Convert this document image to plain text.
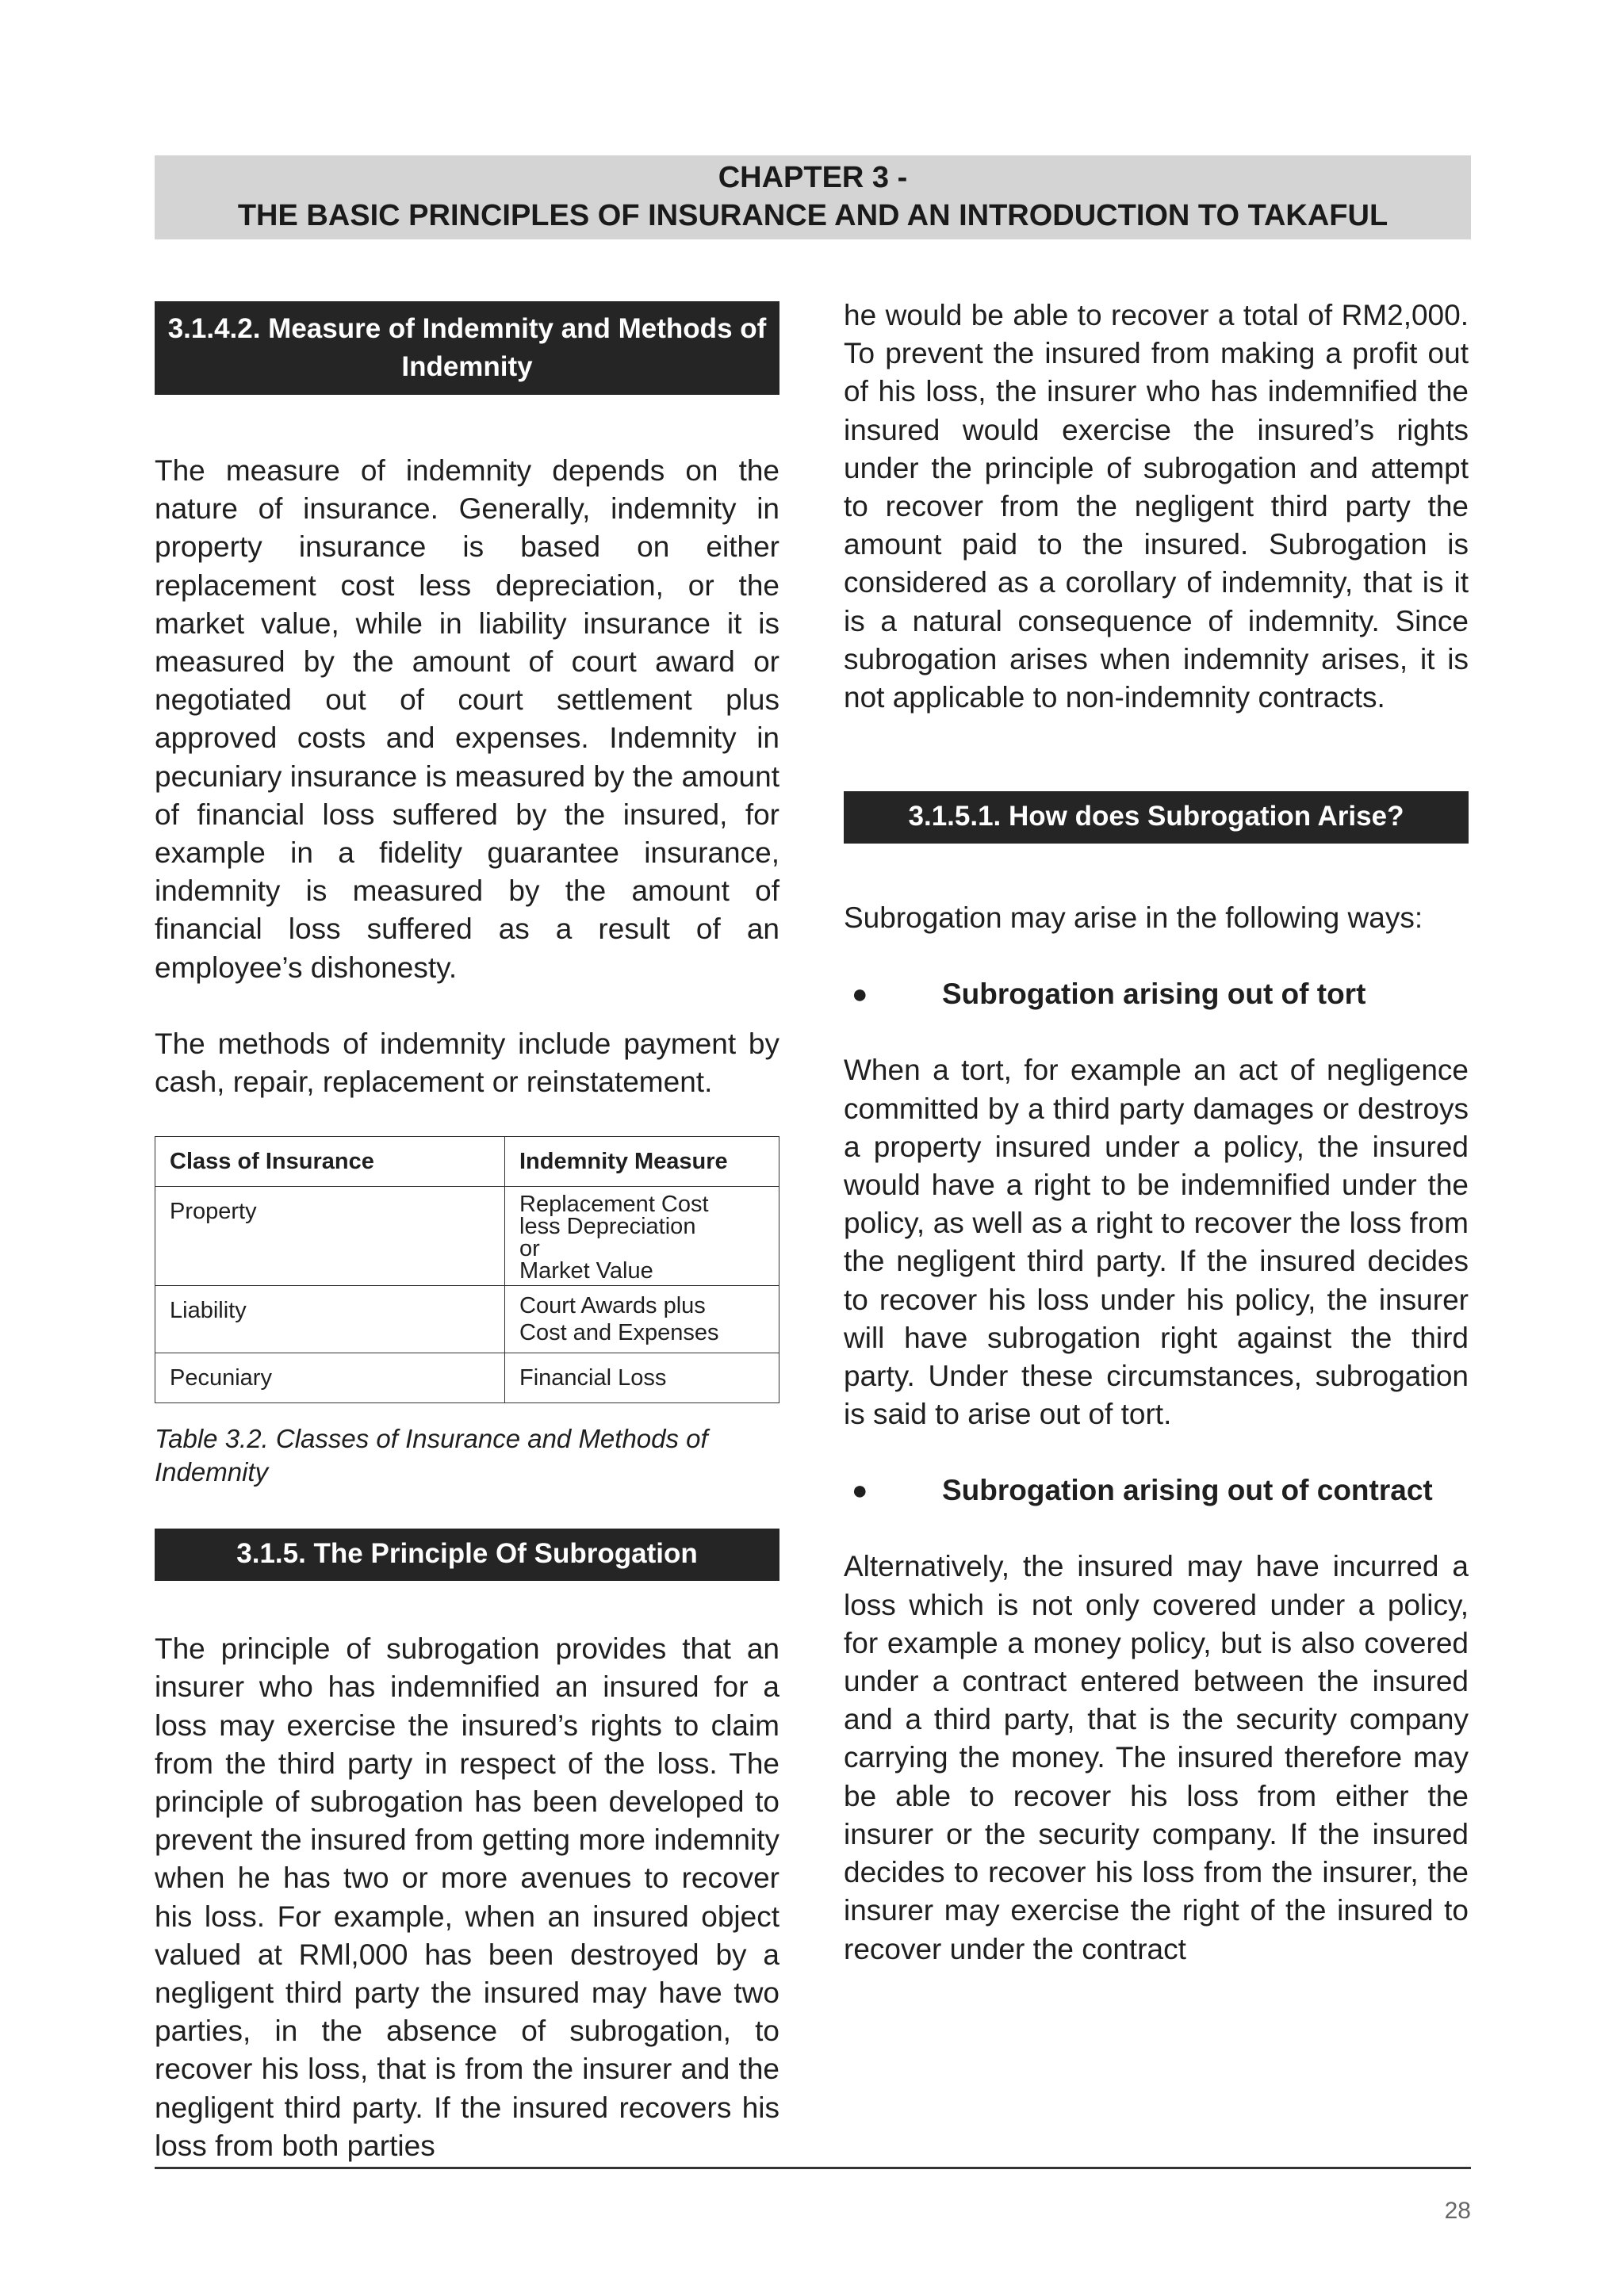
CHAPTER 3 -
THE BASIC PRINCIPLES OF INSURANCE AND AN INTRODUCTION TO TAKAFUL
3.1.4.2. Measure of Indemnity and Methods of Indemnity

The measure of indemnity depends on the nature of insurance. Generally, indemnity in property insurance is based on either replacement cost less depreciation, or the market value, while in liability insurance it is measured by the amount of court award or negotiated out of court settlement plus approved costs and expenses. Indemnity in pecuniary insurance is measured by the amount of financial loss suffered by the insured, for example in a fidelity guarantee insurance, indemnity is measured by the amount of financial loss suffered as a result of an employee’s dishonesty.

The methods of indemnity include payment by cash, repair, replacement or reinstatement.

Class of Insurance	Indemnity Measure
Property	Replacement Cost
less Depreciation
or
Market Value
Liability	Court Awards plus
Cost and Expenses
Pecuniary	Financial Loss

Table 3.2. Classes of Insurance and Methods of Indemnity

3.1.5. The Principle Of Subrogation

The principle of subrogation provides that an insurer who has indemnified an insured for a loss may exercise the insured’s rights to claim from the third party in respect of the loss. The principle of subrogation has been developed to prevent the insured from getting more indemnity when he has two or more avenues to recover his loss. For example, when an insured object valued at RMl,000 has been destroyed by a negligent third party the insured may have two parties, in the absence of subrogation, to recover his loss, that is from the insurer and the negligent third party. If the insured recovers his loss from both parties

he would be able to recover a total of RM2,000. To prevent the insured from making a profit out of his loss, the insurer who has indemnified the insured would exercise the insured’s rights under the principle of subrogation and attempt to recover from the negligent third party the amount paid to the insured. Subrogation is considered as a corollary of indemnity, that is it is a natural consequence of indemnity. Since subrogation arises when indemnity arises, it is not applicable to non-indemnity contracts.

3.1.5.1. How does Subrogation Arise?

Subrogation may arise in the following ways:

●	Subrogation arising out of tort

When a tort, for example an act of negligence committed by a third party damages or destroys a property insured under a policy, the insured would have a right to be indemnified under the policy, as well as a right to recover the loss from the negligent third party. If the insured decides to recover his loss under his policy, the insurer will have subrogation right against the third party. Under these circumstances, subrogation is said to arise out of tort.

●	Subrogation arising out of contract

Alternatively, the insured may have incurred a loss which is not only covered under a policy, for example a money policy, but is also covered under a contract entered between the insured and a third party, that is the security company carrying the money. The insured therefore may be able to recover his loss from either the insurer or the security company. If the insured decides to recover his loss from the insurer, the insurer may exercise the right of the insured to recover under the contract

28
